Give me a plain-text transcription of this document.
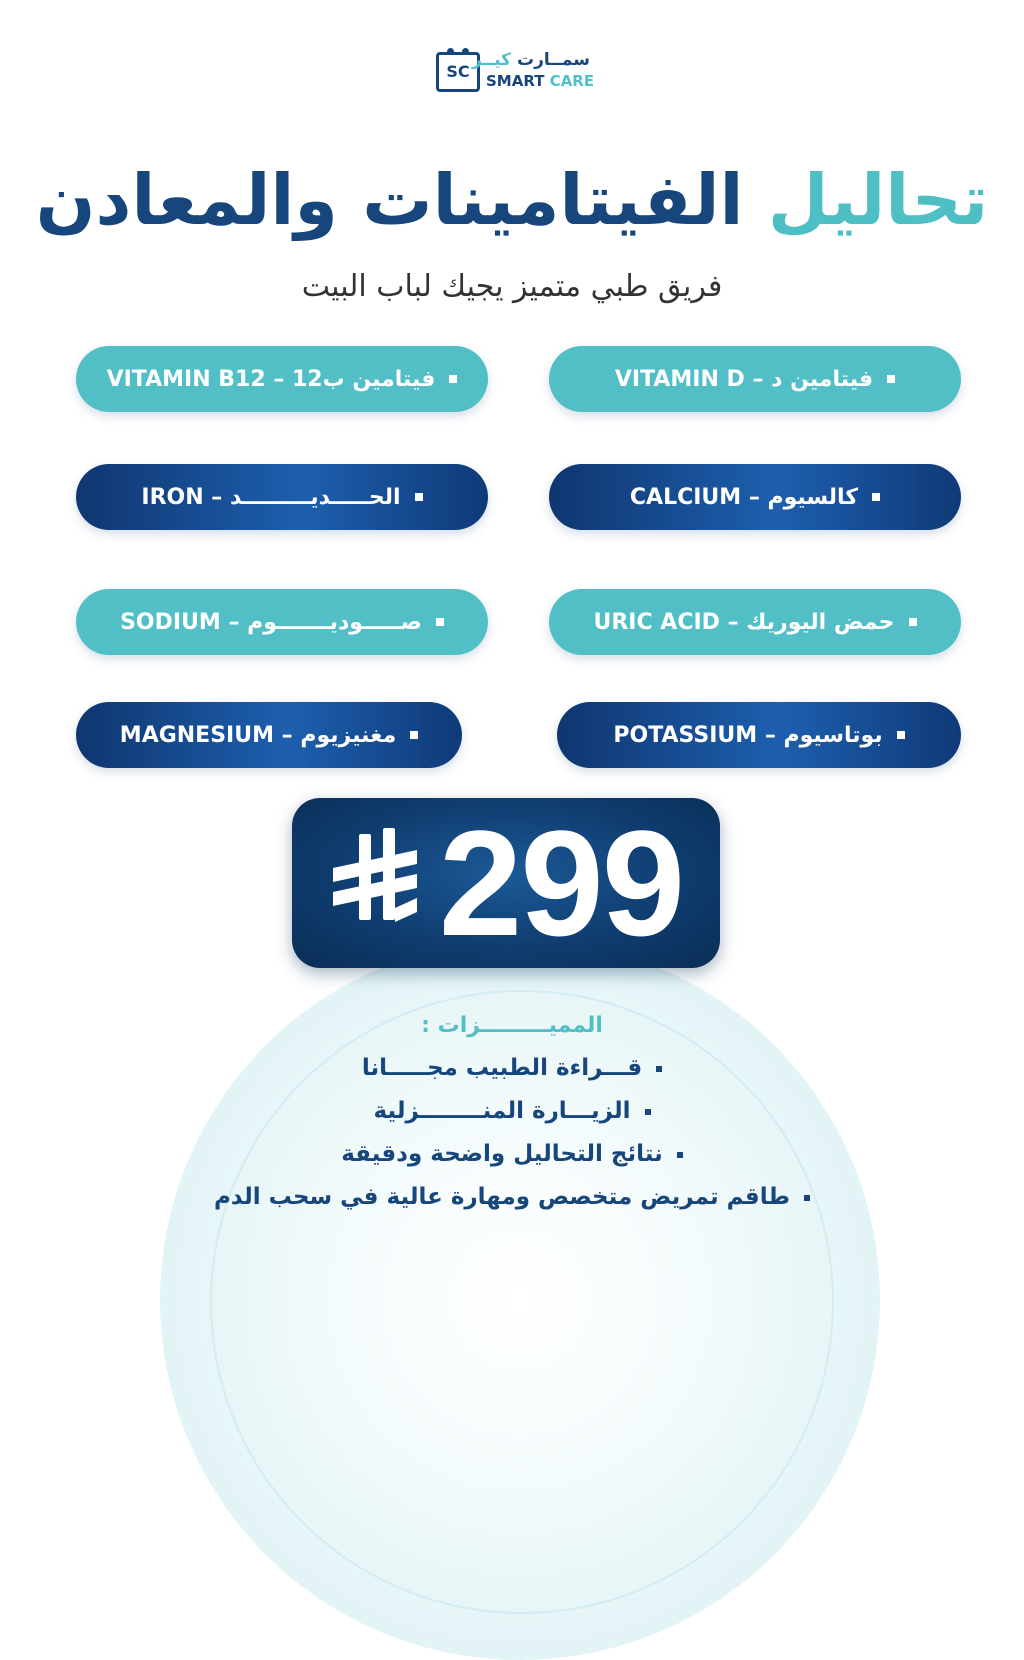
SC
سمــارت كيــر
SMART CARE
تحاليل الفيتامينات والمعادن
فريق طبي متميز يجيك لباب البيت
VITAMIN D – فيتامين د
VITAMIN B12 – فيتامين ب12
CALCIUM – كالسيوم
IRON – الحـــــديـــــــــد
URIC ACID – حمض اليوريك
SODIUM – صـــــوديـــــــوم
POTASSIUM – بوتاسيوم
MAGNESIUM – مغنيزيوم
299
المميـــــــــزات :
قـــراءة الطبيب مجـــــانا
الزيـــارة المنــــــــزلية
نتائج التحاليل واضحة ودقيقة
طاقم تمريض متخصص ومهارة عالية في سحب الدم
